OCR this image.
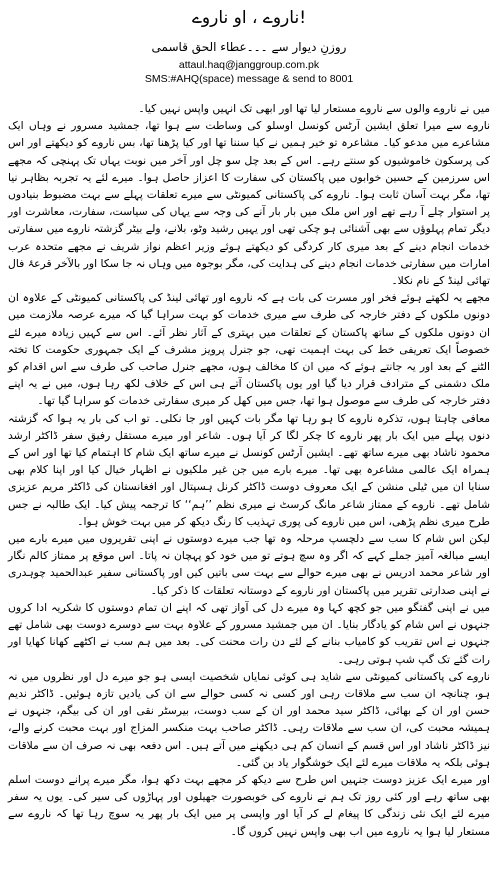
ناروے ، او ناروے!
روزنِ دیوار سے ۔۔۔عطاء الحق قاسمی
attaul.haq@janggroup.com.pk
SMS:#AHQ(space) message & send to 8001

میں نے ناروے والوں سے ناروے مستعار لیا تھا اور ابھی تک انہیں واپس نہیں کیا۔

ناروے سے میرا تعلق ایشین آرٹس کونسل اوسلو کی وساطت سے ہوا تھا، جمشید مسرور نے وہاں ایک مشاعرے میں مدعو کیا۔ مشاعرہ تو خیر ہمیں نے کیا سننا تھا اور کیا پڑھنا تھا، بس ناروے کو دیکھتے اور اس کی پرسکون خاموشیوں کو سنتے رہے۔ اس کے بعد چل سو چل اور آخر میں نوبت یہاں تک پہنچی کہ مجھے اس سرزمین کے حسین خوابوں میں پاکستان کی سفارت کا اعزاز حاصل ہوا۔ میرے لئے یہ تجربہ بظاہر نیا تھا، مگر بہت آسان ثابت ہوا۔ ناروے کی پاکستانی کمیونٹی سے میرے تعلقات پہلے سے بہت مضبوط بنیادوں پر استوار چلے آ رہے تھے اور اس ملک میں بار بار آنے کی وجہ سے یہاں کی سیاست، سفارت، معاشرت اور دیگر تمام پہلوؤں سے بھی آشنائی ہو چکی تھی اور یہیں رشید وٹو، بلانے، ولے بیٹر گزشتہ ناروے میں سفارتی خدمات انجام دینے کے بعد میری کار کردگی کو دیکھتے ہوئے وزیر اعظم نواز شریف نے مجھے متحدہ عرب امارات میں سفارتی خدمات انجام دینے کی ہدایت کی، مگر بوجوہ میں وہاں نہ جا سکا اور بالآخر قرعۂ فال تھائی لینڈ کے نام نکلا۔

مجھے یہ لکھتے ہوئے فخر اور مسرت کی بات ہے کہ ناروے اور تھائی لینڈ کی پاکستانی کمیونٹی کے علاوہ ان دونوں ملکوں کے دفتر خارجہ کی طرف سے میری خدمات کو بہت سراہا گیا کہ میرے عرصہ ملازمت میں ان دونوں ملکوں کے ساتھ پاکستان کے تعلقات میں بہتری کے آثار نظر آئے۔ اس سے کہیں زیادہ میرے لئے خصوصاً ایک تعریفی خط کی بہت اہمیت تھی، جو جنرل پرویز مشرف کے ایک جمہوری حکومت کا تختہ الٹنے کے بعد اور یہ جانتے ہوئے کہ میں ان کا مخالف ہوں، مجھے جنرل صاحب کی طرف سے اس اقدام کو ملک دشمنی کے مترادف قرار دیا گیا اور یوں پاکستان آتے ہی اس کے خلاف لکھ رہا ہوں، میں نے یہ اپنے دفتر خارجہ کی طرف سے موصول ہوا تھا، جس میں کھل کر میری سفارتی خدمات کو سراہا گیا تھا۔

معافی چاہتا ہوں، تذکرہ ناروے کا ہو رہا تھا مگر بات کہیں اور جا نکلی۔ تو اب کی بار یہ ہوا کہ گزشتہ دنوں پہلے میں ایک بار پھر ناروے کا چکر لگا کر آیا ہوں۔ شاعر اور میرے مستقل رفیق سفر ڈاکٹر ارشد محمود ناشاد بھی میرے ساتھ تھے۔ ایشین آرٹس کونسل نے میرے ساتھ ایک شام کا اہتمام کیا تھا اور اس کے ہمراہ ایک عالمی مشاعرہ بھی تھا۔ میرے بارے میں جن غیر ملکیوں نے اظہار خیال کیا اور اپنا کلام بھی سنایا ان میں ٹیلی منشن کے ایک معروف دوست ڈاکٹر کرنل ہسپتال اور افغانستان کی ڈاکٹر مریم عزیزی شامل تھے۔ ناروے کے ممتاز شاعر مانگ کرسٹ نے میری نظم ’’ہم‘‘ کا ترجمہ پیش کیا۔ ایک طالبہ نے جس طرح میری نظم پڑھی، اس میں ناروے کی پوری تہذیب کا رنگ دیکھ کر میں بہت خوش ہوا۔

لیکن اس شام کا سب سے دلچسپ مرحلہ وہ تھا جب میرے دوستوں نے اپنی تقریروں میں میرے بارے میں ایسے مبالغہ آمیز جملے کہے کہ اگر وہ سچ ہوتے تو میں خود کو پہچان نہ پاتا۔ اس موقع پر ممتاز کالم نگار اور شاعر محمد ادریس نے بھی میرے حوالے سے بہت سی باتیں کیں اور پاکستانی سفیر عبدالحمید چوہدری نے اپنی صدارتی تقریر میں پاکستان اور ناروے کے دوستانہ تعلقات کا ذکر کیا۔

میں نے اپنی گفتگو میں جو کچھ کہا وہ میرے دل کی آواز تھی کہ اپنے ان تمام دوستوں کا شکریہ ادا کروں جنہوں نے اس شام کو یادگار بنایا۔ ان میں جمشید مسرور کے علاوہ بہت سے دوسرے دوست بھی شامل تھے جنہوں نے اس تقریب کو کامیاب بنانے کے لئے دن رات محنت کی۔ بعد میں ہم سب نے اکٹھے کھانا کھایا اور رات گئے تک گپ شپ ہوتی رہی۔

ناروے کی پاکستانی کمیونٹی سے شاید ہی کوئی نمایاں شخصیت ایسی ہو جو میرے دل اور نظروں میں نہ ہو، چنانچہ ان سب سے ملاقات رہی اور کسی نہ کسی حوالے سے ان کی یادیں تازہ ہوئیں۔ ڈاکٹر ندیم حسن اور ان کے بھائی، ڈاکٹر سید محمد اور ان کے سب دوست، بیرسٹر نقی اور ان کی بیگم، جنہوں نے ہمیشہ محبت کی، ان سب سے ملاقات رہی۔ ڈاکٹر صاحب بہت منکسر المزاج اور بہت محبت کرنے والے، نیز ڈاکٹر ناشاد اور اس قسم کے انسان کم ہی دیکھنے میں آتے ہیں۔ اس دفعہ بھی نہ صرف ان سے ملاقات ہوئی بلکہ یہ ملاقات میرے لئے ایک خوشگوار یاد بن گئی۔

اور میرے ایک عزیز دوست جنہیں اس طرح سے دیکھ کر مجھے بہت دکھ ہوا، مگر میرے پرانے دوست اسلم بھی ساتھ رہے اور کئی روز تک ہم نے ناروے کی خوبصورت جھیلوں اور پہاڑوں کی سیر کی۔ یوں یہ سفر میرے لئے ایک نئی زندگی کا پیغام لے کر آیا اور واپسی پر میں ایک بار پھر یہ سوچ رہا تھا کہ ناروے سے مستعار لیا ہوا یہ ناروے میں اب بھی واپس نہیں کروں گا۔
